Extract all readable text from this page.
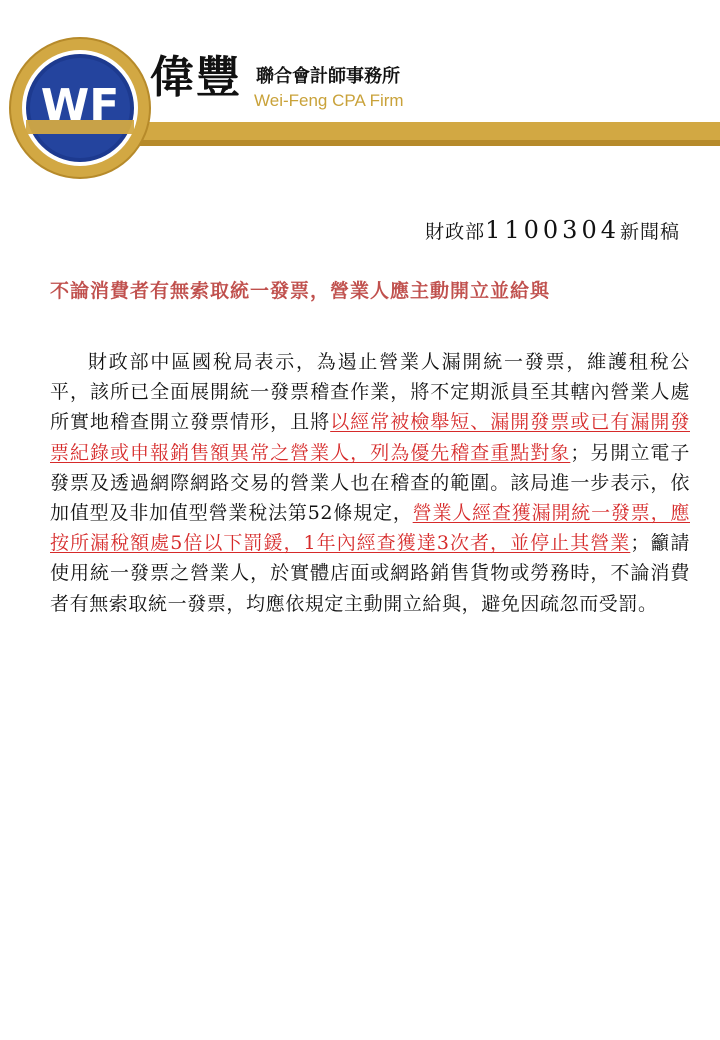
WF
偉豐 聯合會計師事務所
Wei-Feng CPA Firm
財政部1100304新聞稿
不論消費者有無索取統一發票，營業人應主動開立並給與

財政部中區國稅局表示，為遏止營業人漏開統一發票，維護租稅公平，該所已全面展開統一發票稽查作業，將不定期派員至其轄內營業人處所實地稽查開立發票情形，且將以經常被檢舉短、漏開發票或已有漏開發票紀錄或申報銷售額異常之營業人，列為優先稽查重點對象；另開立電子發票及透過網際網路交易的營業人也在稽查的範圍。該局進一步表示，依加值型及非加值型營業稅法第52條規定，營業人經查獲漏開統一發票，應按所漏稅額處5倍以下罰鍰，1年內經查獲達3次者，並停止其營業；籲請使用統一發票之營業人，於實體店面或網路銷售貨物或勞務時，不論消費者有無索取統一發票，均應依規定主動開立給與，避免因疏忽而受罰。
